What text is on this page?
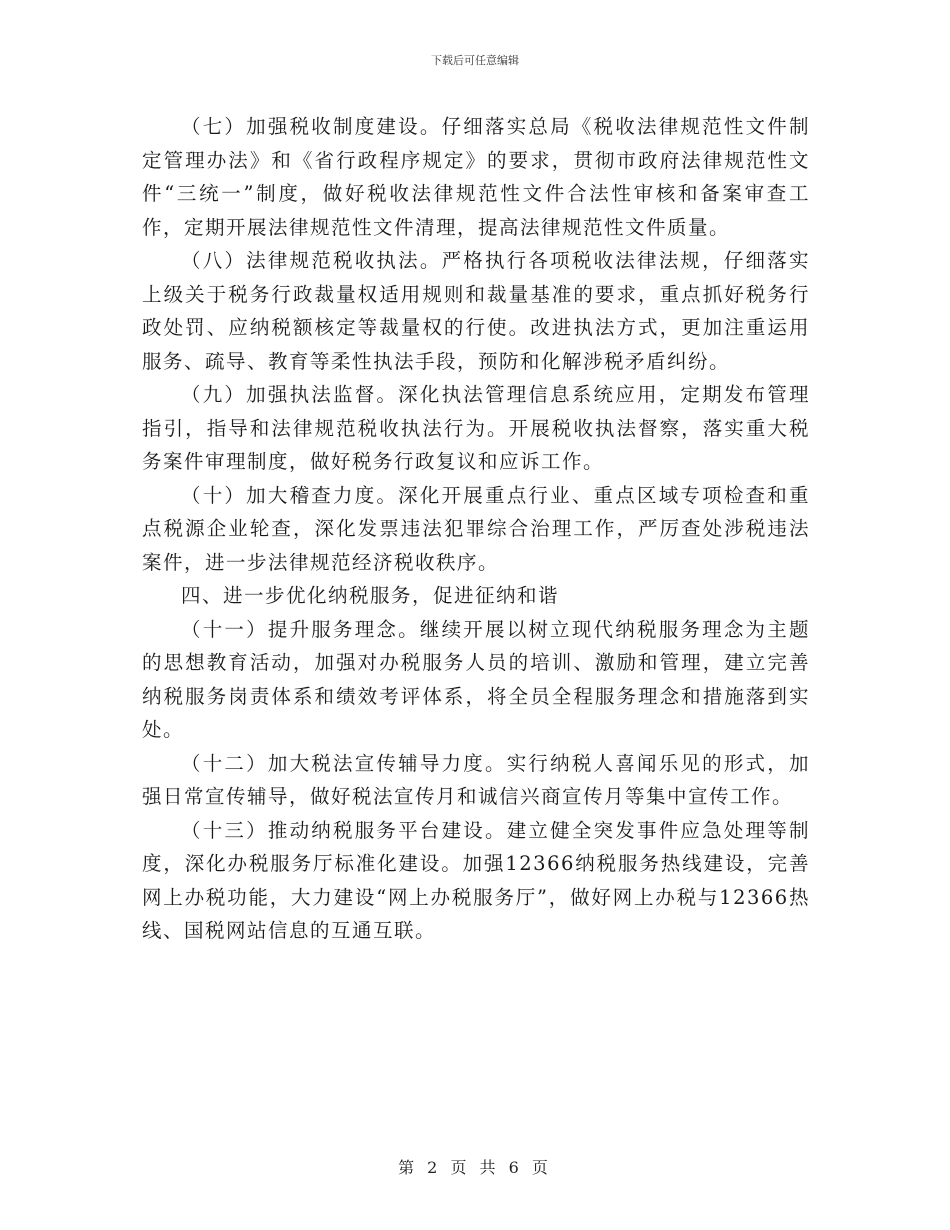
下载后可任意编辑

（七）加强税收制度建设。仔细落实总局《税收法律规范性文件制定管理办法》和《省行政程序规定》的要求，贯彻市政府法律规范性文件“三统一”制度，做好税收法律规范性文件合法性审核和备案审查工作，定期开展法律规范性文件清理，提高法律规范性文件质量。

（八）法律规范税收执法。严格执行各项税收法律法规，仔细落实上级关于税务行政裁量权适用规则和裁量基准的要求，重点抓好税务行政处罚、应纳税额核定等裁量权的行使。改进执法方式，更加注重运用服务、疏导、教育等柔性执法手段，预防和化解涉税矛盾纠纷。

（九）加强执法监督。深化执法管理信息系统应用，定期发布管理指引，指导和法律规范税收执法行为。开展税收执法督察，落实重大税务案件审理制度，做好税务行政复议和应诉工作。

（十）加大稽查力度。深化开展重点行业、重点区域专项检查和重点税源企业轮查，深化发票违法犯罪综合治理工作，严厉查处涉税违法案件，进一步法律规范经济税收秩序。

四、进一步优化纳税服务，促进征纳和谐

（十一）提升服务理念。继续开展以树立现代纳税服务理念为主题的思想教育活动，加强对办税服务人员的培训、激励和管理，建立完善纳税服务岗责体系和绩效考评体系，将全员全程服务理念和措施落到实处。

（十二）加大税法宣传辅导力度。实行纳税人喜闻乐见的形式，加强日常宣传辅导，做好税法宣传月和诚信兴商宣传月等集中宣传工作。

（十三）推动纳税服务平台建设。建立健全突发事件应急处理等制度，深化办税服务厅标准化建设。加强12366纳税服务热线建设，完善网上办税功能，大力建设“网上办税服务厅”，做好网上办税与12366热线、国税网站信息的互通互联。

第 2 页 共 6 页
